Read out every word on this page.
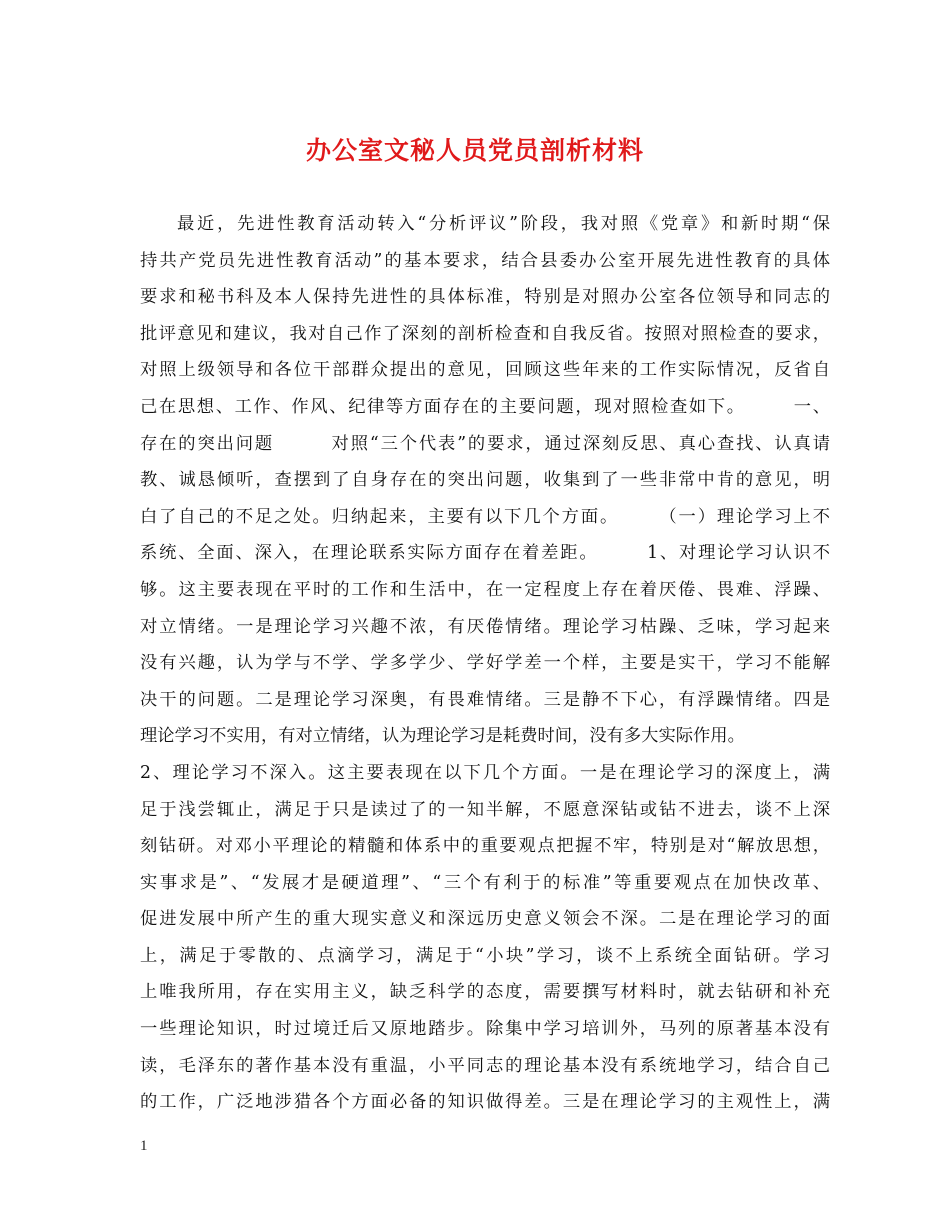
办公室文秘人员党员剖析材料
最近，先进性教育活动转入“分析评议”阶段，我对照《党章》和新时期“保
持共产党员先进性教育活动”的基本要求，结合县委办公室开展先进性教育的具体
要求和秘书科及本人保持先进性的具体标准，特别是对照办公室各位领导和同志的
批评意见和建议，我对自己作了深刻的剖析检查和自我反省。按照对照检查的要求，
对照上级领导和各位干部群众提出的意见，回顾这些年来的工作实际情况，反省自
己在思想、工作、作风、纪律等方面存在的主要问题，现对照检查如下。　　　一、
存在的突出问题　　　对照“三个代表”的要求，通过深刻反思、真心查找、认真请
教、诚恳倾听，查摆到了自身存在的突出问题，收集到了一些非常中肯的意见，明
白了自己的不足之处。归纳起来，主要有以下几个方面。　　　（一）理论学习上不
系统、全面、深入，在理论联系实际方面存在着差距。　　　1、对理论学习认识不
够。这主要表现在平时的工作和生活中，在一定程度上存在着厌倦、畏难、浮躁、
对立情绪。一是理论学习兴趣不浓，有厌倦情绪。理论学习枯躁、乏味，学习起来
没有兴趣，认为学与不学、学多学少、学好学差一个样，主要是实干，学习不能解
决干的问题。二是理论学习深奥，有畏难情绪。三是静不下心，有浮躁情绪。四是
理论学习不实用，有对立情绪，认为理论学习是耗费时间，没有多大实际作用。
2、理论学习不深入。这主要表现在以下几个方面。一是在理论学习的深度上，满
足于浅尝辄止，满足于只是读过了的一知半解，不愿意深钻或钻不进去，谈不上深
刻钻研。对邓小平理论的精髓和体系中的重要观点把握不牢，特别是对“解放思想，
实事求是”、“发展才是硬道理”、“三个有利于的标准”等重要观点在加快改革、
促进发展中所产生的重大现实意义和深远历史意义领会不深。二是在理论学习的面
上，满足于零散的、点滴学习，满足于“小块”学习，谈不上系统全面钻研。学习
上唯我所用，存在实用主义，缺乏科学的态度，需要撰写材料时，就去钻研和补充
一些理论知识，时过境迁后又原地踏步。除集中学习培训外，马列的原著基本没有
读，毛泽东的著作基本没有重温，小平同志的理论基本没有系统地学习，结合自己
的工作，广泛地涉猎各个方面必备的知识做得差。三是在理论学习的主观性上，满
1
